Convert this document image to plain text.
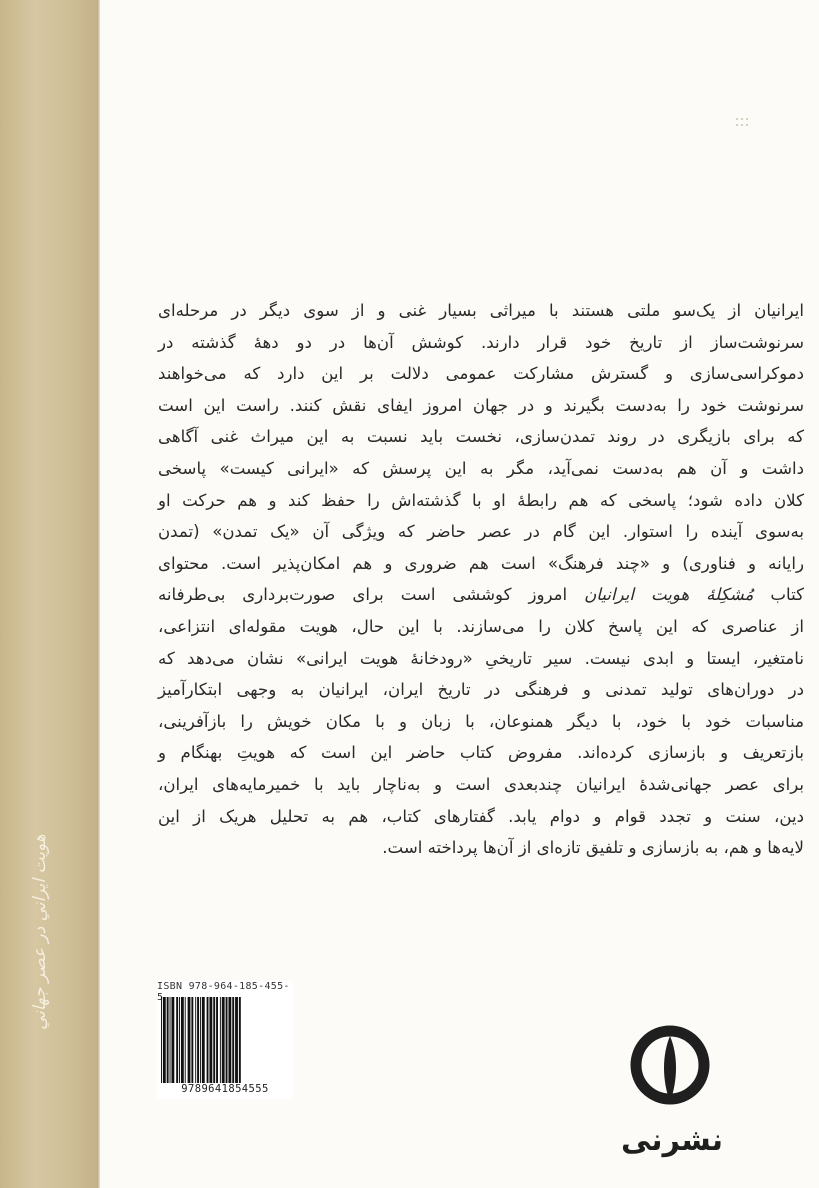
هويت ايراني در عصر جهاني
ایرانیان از یک‌سو ملتی هستند با میراثی بسیار غنی و از سوی دیگر در مرحله‌ای
سرنوشت‌ساز از تاریخ خود قرار دارند. کوشش آن‌ها در دو دهۀ گذشته در
دموکراسی‌سازی و گسترش مشارکت عمومی دلالت بر این دارد که می‌خواهند
سرنوشت خود را به‌دست بگیرند و در جهان امروز ایفای نقش کنند. راست این است
که برای بازیگری در روند تمدن‌سازی، نخست باید نسبت به این میراث غنی آگاهی
داشت و آن هم به‌دست نمی‌آید، مگر به این پرسش که «ایرانی کیست» پاسخی
کلان داده شود؛ پاسخی که هم رابطۀ او با گذشته‌اش را حفظ کند و هم حرکت او
به‌سوی آینده را استوار. این گام در عصر حاضر که ویژگی آن «یک تمدن» (تمدن
رایانه و فناوری) و «چند فرهنگ» است هم ضروری و هم امکان‌پذیر است. محتوای
کتاب مُشکِلۀ هویت ایرانیان امروز کوششی است برای صورت‌برداری بی‌طرفانه
از عناصری که این پاسخ کلان را می‌سازند. با این حال، هویت مقوله‌ای انتزاعی،
نامتغیر، ایستا و ابدی نیست. سیر تاریخیِ «رودخانۀ هویت ایرانی» نشان می‌دهد که
در دوران‌های تولید تمدنی و فرهنگی در تاریخ ایران، ایرانیان به وجهی ابتکارآمیز
مناسبات خود با خود، با دیگر همنوعان، با زبان و با مکان خویش را بازآفرینی،
بازتعریف و بازسازی کرده‌اند. مفروض کتاب حاضر این است که هویتِ بهنگام و
برای عصر جهانی‌شدۀ ایرانیان چندبعدی است و به‌ناچار باید با خمیرمایه‌های ایران،
دین، سنت و تجدد قوام و دوام یابد. گفتارهای کتاب، هم به تحلیل هریک از این
لایه‌ها و هم، به بازسازی و تلفیق تازه‌ای از آن‌ها پرداخته است.
ISBN 978-964-185-455-5
9789641854555
نشرنی
